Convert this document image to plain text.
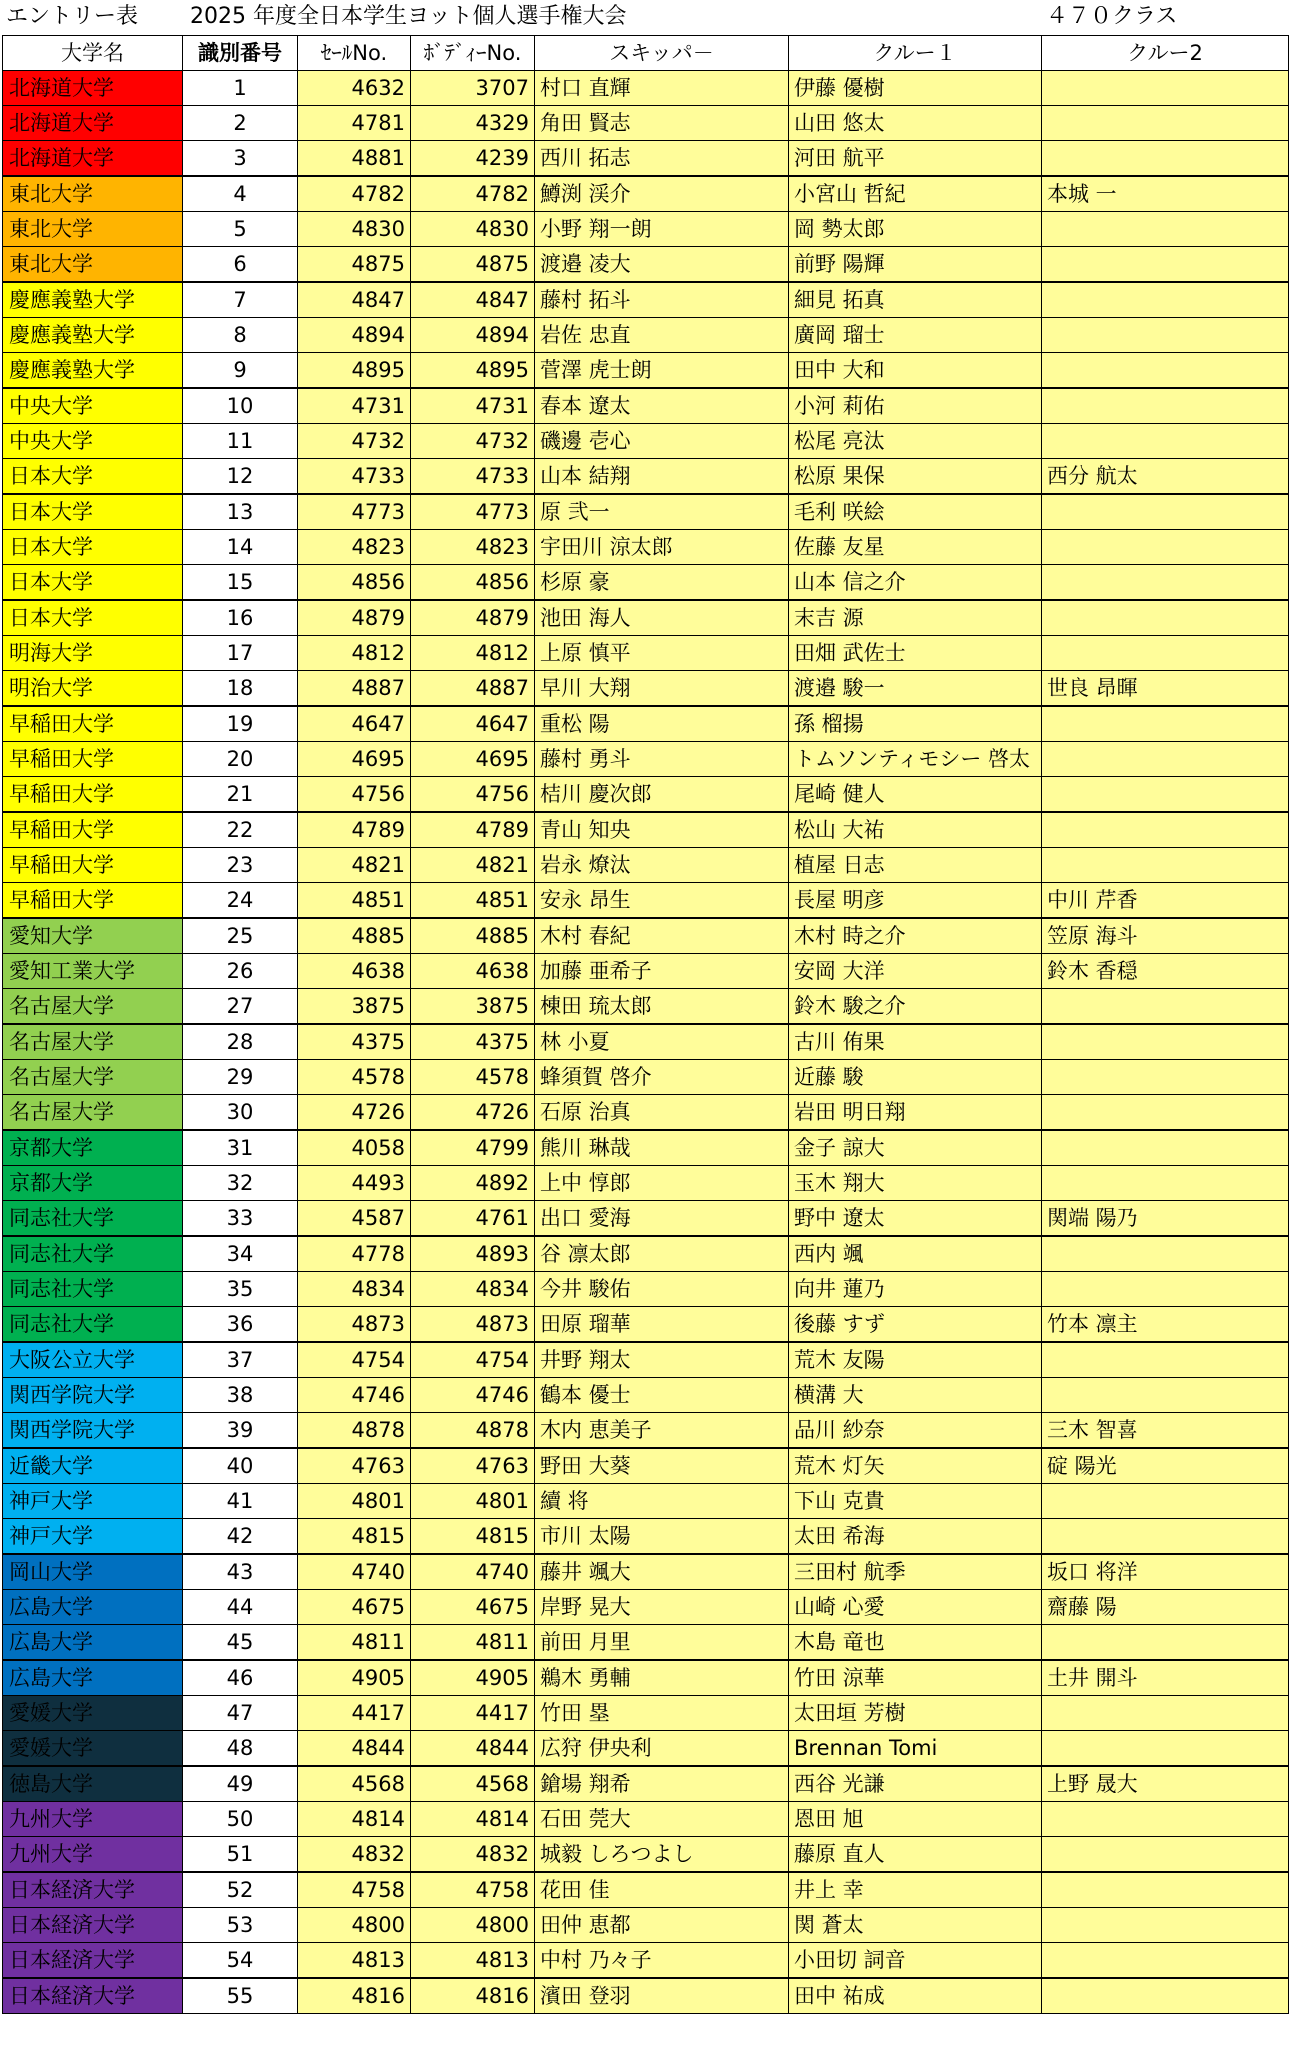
エントリー表 2025 年度全日本学生ヨット個人選手権大会	４７０クラス
大学名	識別番号	ｾｰﾙNo.	ﾎﾞﾃﾞｨｰNo.	スキッパ－	クルー１	クルー2
北海道大学	1	4632	3707	村口 直輝	伊藤 優樹	
北海道大学	2	4781	4329	角田 賢志	山田 悠太	
北海道大学	3	4881	4239	西川 拓志	河田 航平	
東北大学	4	4782	4782	鱒渕 渓介	小宮山 哲紀	本城 一
東北大学	5	4830	4830	小野 翔一朗	岡 勢太郎	
東北大学	6	4875	4875	渡邉 凌大	前野 陽輝	
慶應義塾大学	7	4847	4847	藤村 拓斗	細見 拓真	
慶應義塾大学	8	4894	4894	岩佐 忠直	廣岡 瑠士	
慶應義塾大学	9	4895	4895	菅澤 虎士朗	田中 大和	
中央大学	10	4731	4731	春本 遼太	小河 莉佑	
中央大学	11	4732	4732	磯邊 壱心	松尾 亮汰	
日本大学	12	4733	4733	山本 結翔	松原 果保	西分 航太
日本大学	13	4773	4773	原 弐一	毛利 咲絵	
日本大学	14	4823	4823	宇田川 涼太郎	佐藤 友星	
日本大学	15	4856	4856	杉原 豪	山本 信之介	
日本大学	16	4879	4879	池田 海人	末吉 源	
明海大学	17	4812	4812	上原 慎平	田畑 武佐士	
明治大学	18	4887	4887	早川 大翔	渡邉 駿一	世良 昂暉
早稲田大学	19	4647	4647	重松 陽	孫 榴揚	
早稲田大学	20	4695	4695	藤村 勇斗	トムソンティモシー 啓太	
早稲田大学	21	4756	4756	桔川 慶次郎	尾崎 健人	
早稲田大学	22	4789	4789	青山 知央	松山 大祐	
早稲田大学	23	4821	4821	岩永 燎汰	植屋 日志	
早稲田大学	24	4851	4851	安永 昂生	長屋 明彦	中川 芹香
愛知大学	25	4885	4885	木村 春紀	木村 時之介	笠原 海斗
愛知工業大学	26	4638	4638	加藤 亜希子	安岡 大洋	鈴木 香穏
名古屋大学	27	3875	3875	棟田 琉太郎	鈴木 駿之介	
名古屋大学	28	4375	4375	林 小夏	古川 侑果	
名古屋大学	29	4578	4578	蜂須賀 啓介	近藤 駿	
名古屋大学	30	4726	4726	石原 治真	岩田 明日翔	
京都大学	31	4058	4799	熊川 琳哉	金子 諒大	
京都大学	32	4493	4892	上中 惇郎	玉木 翔大	
同志社大学	33	4587	4761	出口 愛海	野中 遼太	関端 陽乃
同志社大学	34	4778	4893	谷 凛太郎	西内 颯	
同志社大学	35	4834	4834	今井 駿佑	向井 蓮乃	
同志社大学	36	4873	4873	田原 瑠華	後藤 すず	竹本 凛主
大阪公立大学	37	4754	4754	井野 翔太	荒木 友陽	
関西学院大学	38	4746	4746	鶴本 優士	横溝 大	
関西学院大学	39	4878	4878	木内 恵美子	品川 紗奈	三木 智喜
近畿大学	40	4763	4763	野田 大葵	荒木 灯矢	碇 陽光
神戸大学	41	4801	4801	續 将	下山 克貴	
神戸大学	42	4815	4815	市川 太陽	太田 希海	
岡山大学	43	4740	4740	藤井 颯大	三田村 航季	坂口 将洋
広島大学	44	4675	4675	岸野 晃大	山崎 心愛	齋藤 陽
広島大学	45	4811	4811	前田 月里	木島 竜也	
広島大学	46	4905	4905	鵜木 勇輔	竹田 涼華	土井 開斗
愛媛大学	47	4417	4417	竹田 塁	太田垣 芳樹	
愛媛大学	48	4844	4844	広狩 伊央利	Brennan Tomi	
徳島大学	49	4568	4568	鎗場 翔希	西谷 光謙	上野 晟大
九州大学	50	4814	4814	石田 莞大	恩田 旭	
九州大学	51	4832	4832	城毅 しろつよし	藤原 直人	
日本経済大学	52	4758	4758	花田 佳	井上 幸	
日本経済大学	53	4800	4800	田仲 恵都	関 蒼太	
日本経済大学	54	4813	4813	中村 乃々子	小田切 詞音	
日本経済大学	55	4816	4816	濱田 登羽	田中 祐成	
